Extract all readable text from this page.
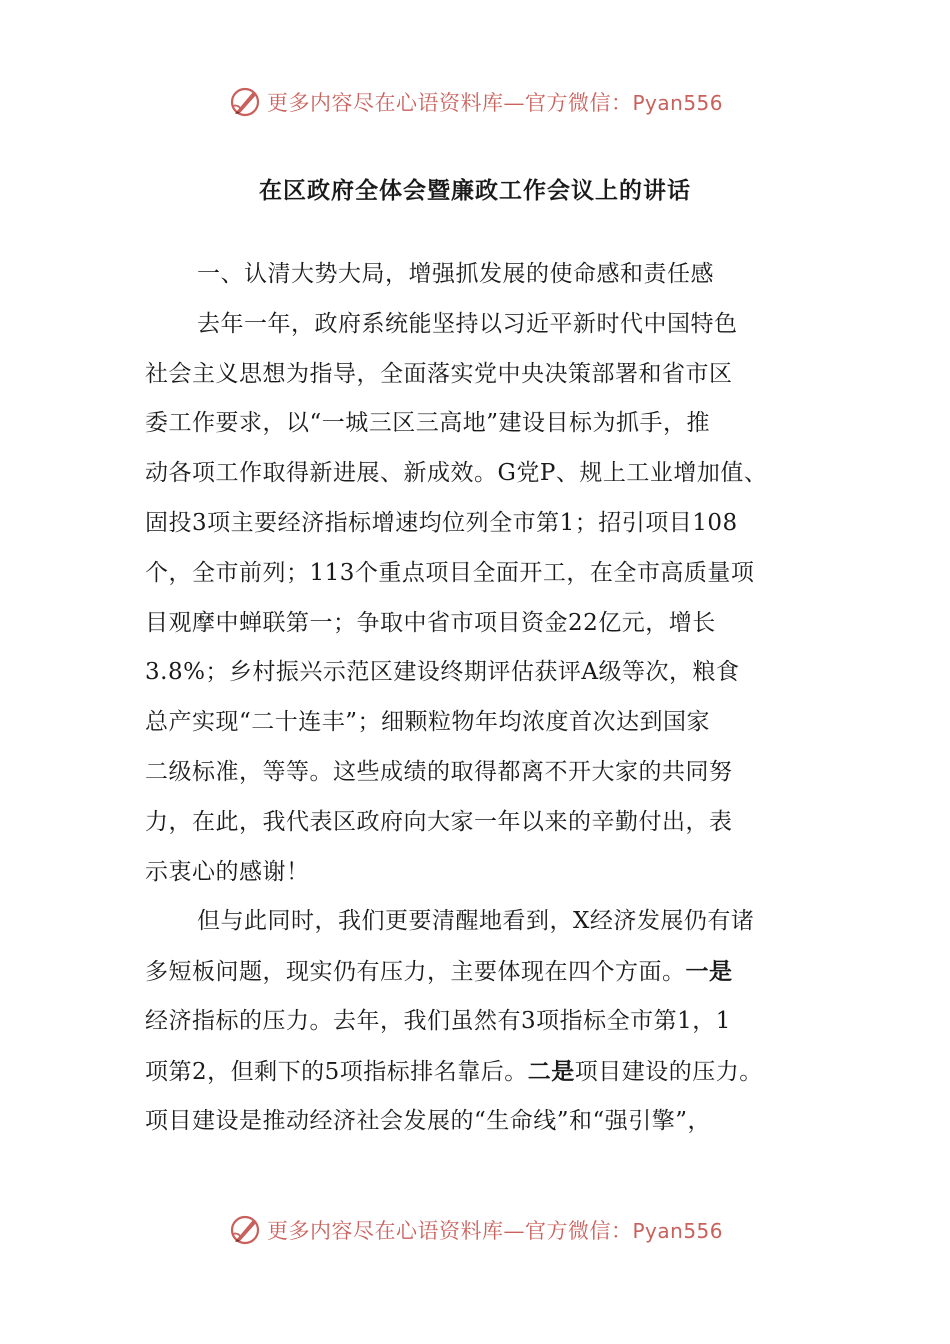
更多内容尽在心语资料库—官方微信：Pyan556
在区政府全体会暨廉政工作会议上的讲话
一、认清大势大局，增强抓发展的使命感和责任感
去年一年，政府系统能坚持以习近平新时代中国特色
社会主义思想为指导，全面落实党中央决策部署和省市区
委工作要求，以“一城三区三高地”建设目标为抓手，推
动各项工作取得新进展、新成效。G党P、规上工业增加值、
固投3项主要经济指标增速均位列全市第1；招引项目108
个，全市前列；113个重点项目全面开工，在全市高质量项
目观摩中蝉联第一；争取中省市项目资金22亿元，增长
3.8%；乡村振兴示范区建设终期评估获评A级等次，粮食
总产实现“二十连丰”；细颗粒物年均浓度首次达到国家
二级标准，等等。这些成绩的取得都离不开大家的共同努
力，在此，我代表区政府向大家一年以来的辛勤付出，表
示衷心的感谢！
但与此同时，我们更要清醒地看到，X经济发展仍有诸
多短板问题，现实仍有压力，主要体现在四个方面。一是
经济指标的压力。去年，我们虽然有3项指标全市第1，1
项第2，但剩下的5项指标排名靠后。二是项目建设的压力。
项目建设是推动经济社会发展的“生命线”和“强引擎”，
更多内容尽在心语资料库—官方微信：Pyan556
